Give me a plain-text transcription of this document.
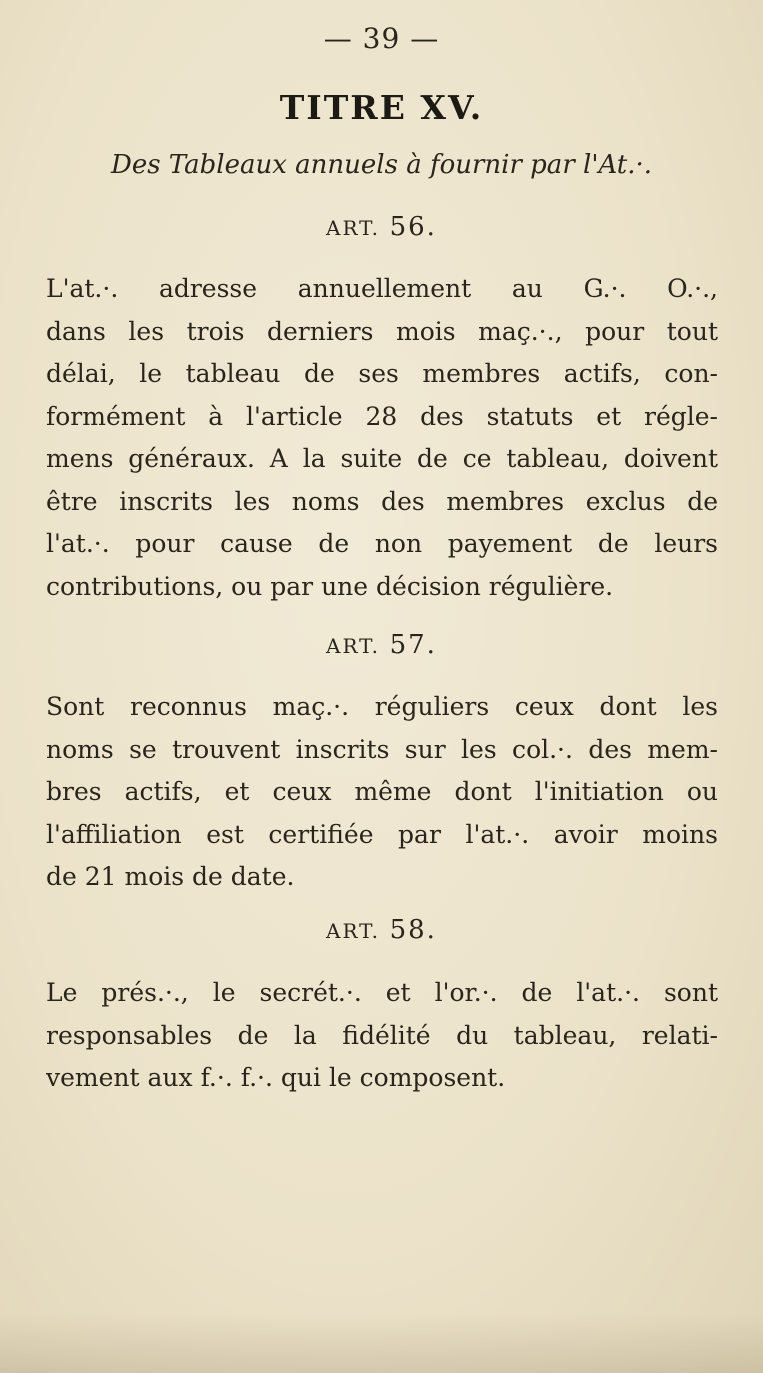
— 39 —
TITRE XV.
Des Tableaux annuels à fournir par l'At.·.
ART. 56.
L'at.·. adresse annuellement au G.·. O.·.,
dans les trois derniers mois maç.·., pour tout
délai, le tableau de ses membres actifs, con-
formément à l'article 28 des statuts et régle-
mens généraux. A la suite de ce tableau, doivent
être inscrits les noms des membres exclus de
l'at.·. pour cause de non payement de leurs
contributions, ou par une décision régulière.
ART. 57.
Sont reconnus maç.·. réguliers ceux dont les
noms se trouvent inscrits sur les col.·. des mem-
bres actifs, et ceux même dont l'initiation ou
l'affiliation est certifiée par l'at.·. avoir moins
de 21 mois de date.
ART. 58.
Le prés.·., le secrét.·. et l'or.·. de l'at.·. sont
responsables de la fidélité du tableau, relati-
vement aux f.·. f.·. qui le composent.
